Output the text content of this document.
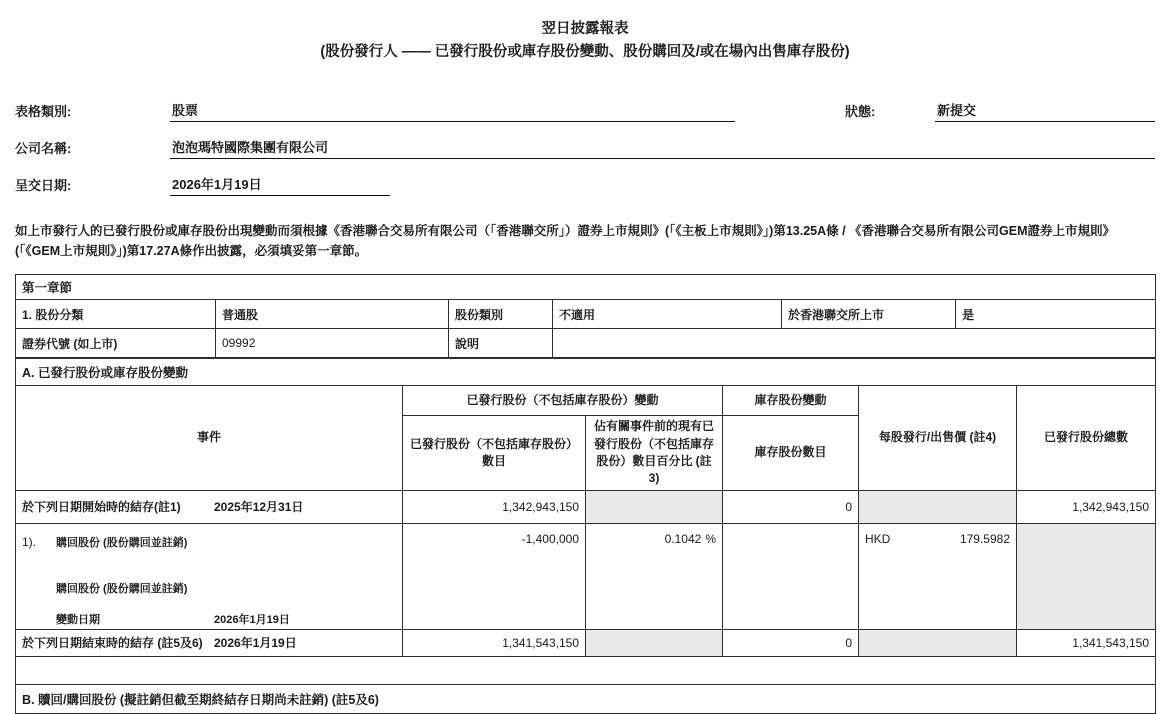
翌日披露報表
(股份發行人 —— 已發行股份或庫存股份變動、股份購回及/或在場內出售庫存股份)
表格類別:	股票	狀態:	新提交
公司名稱:	泡泡瑪特國際集團有限公司
呈交日期:	2026年1月19日
如上市發行人的已發行股份或庫存股份出現變動而須根據《香港聯合交易所有限公司（「香港聯交所」）證券上市規則》(「《主板上市規則》」)第13.25A條 / 《香港聯合交易所有限公司GEM證券上市規則》(「《GEM上市規則》」)第17.27A條作出披露，必須填妥第一章節。
第一章節					
1. 股份分類	普通股	股份類別	不適用	於香港聯交所上市	是
證券代號 (如上市)	09992	說明			
A. 已發行股份或庫存股份變動					
事件	已發行股份（不包括庫存股份）變動		庫存股份變動	每股發行/出售價 (註4)	已發行股份總數
	已發行股份（不包括庫存股份）數目	佔有關事件前的現有已發行股份（不包括庫存股份）數目百分比 (註3)	庫存股份數目		
於下列日期開始時的結存(註1) 2025年12月31日	1,342,943,150		0		1,342,943,150

1). 購回股份 (股份購回並註銷)
購回股份 (股份購回並註銷)
變動日期	2026年1月19日
	-1,400,000	0.1042 %		HKD	179.5982

於下列日期結束時的結存 (註5及6) 2026年1月19日	1,341,543,150		0		1,341,543,150

B. 贖回/購回股份 (擬註銷但截至期終結存日期尚未註銷) (註5及6)					
